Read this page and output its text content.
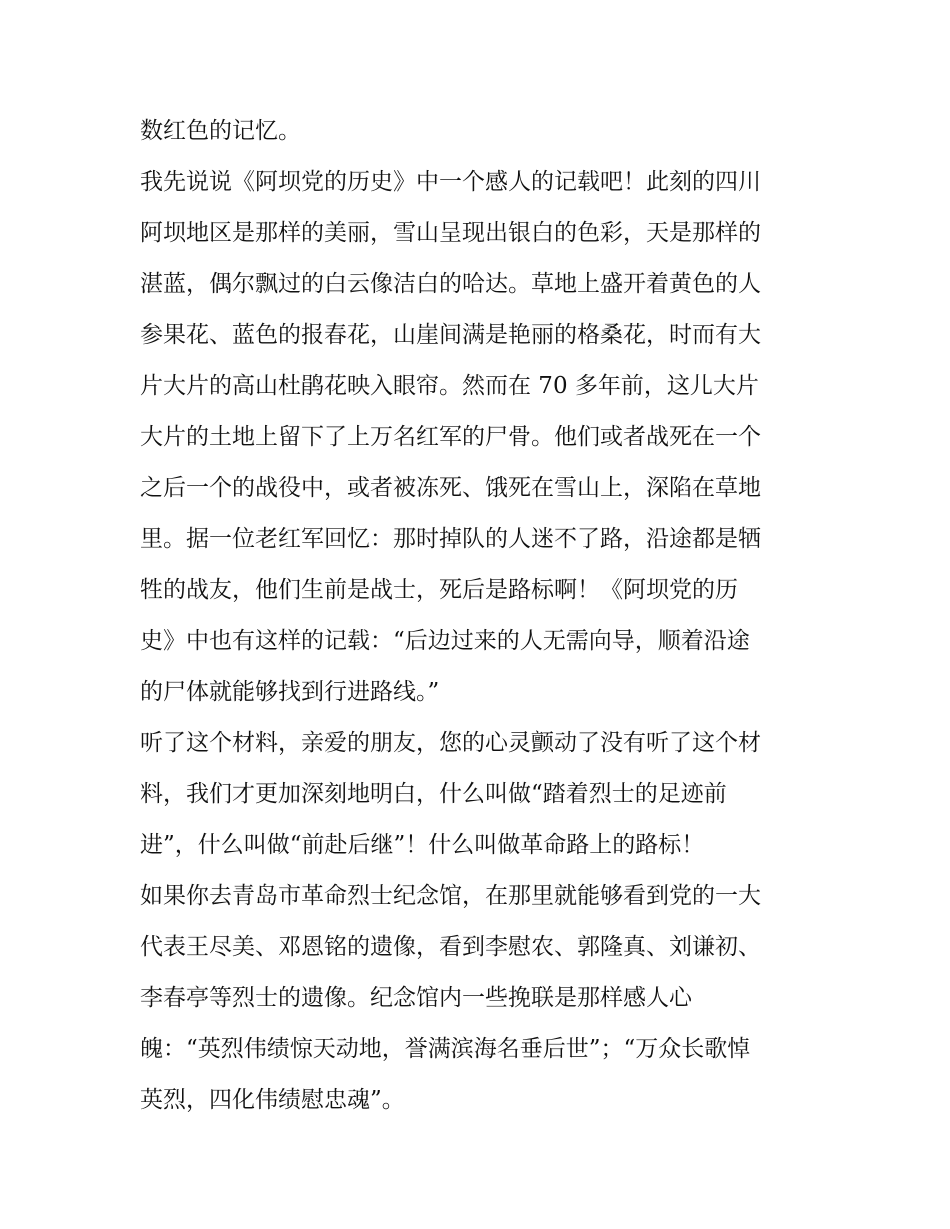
数红色的记忆。
我先说说《阿坝党的历史》中一个感人的记载吧！此刻的四川
阿坝地区是那样的美丽，雪山呈现出银白的色彩，天是那样的
湛蓝，偶尔飘过的白云像洁白的哈达。草地上盛开着黄色的人
参果花、蓝色的报春花，山崖间满是艳丽的格桑花，时而有大
片大片的高山杜鹃花映入眼帘。然而在 70 多年前，这儿大片
大片的土地上留下了上万名红军的尸骨。他们或者战死在一个
之后一个的战役中，或者被冻死、饿死在雪山上，深陷在草地
里。据一位老红军回忆：那时掉队的人迷不了路，沿途都是牺
牲的战友，他们生前是战士，死后是路标啊！《阿坝党的历
史》中也有这样的记载：“后边过来的人无需向导，顺着沿途
的尸体就能够找到行进路线。”
听了这个材料，亲爱的朋友，您的心灵颤动了没有听了这个材
料，我们才更加深刻地明白，什么叫做“踏着烈士的足迹前
进”，什么叫做“前赴后继”！什么叫做革命路上的路标！
如果你去青岛市革命烈士纪念馆，在那里就能够看到党的一大
代表王尽美、邓恩铭的遗像，看到李慰农、郭隆真、刘谦初、
李春亭等烈士的遗像。纪念馆内一些挽联是那样感人心
魄：“英烈伟绩惊天动地，誉满滨海名垂后世”；“万众长歌悼
英烈，四化伟绩慰忠魂”。
